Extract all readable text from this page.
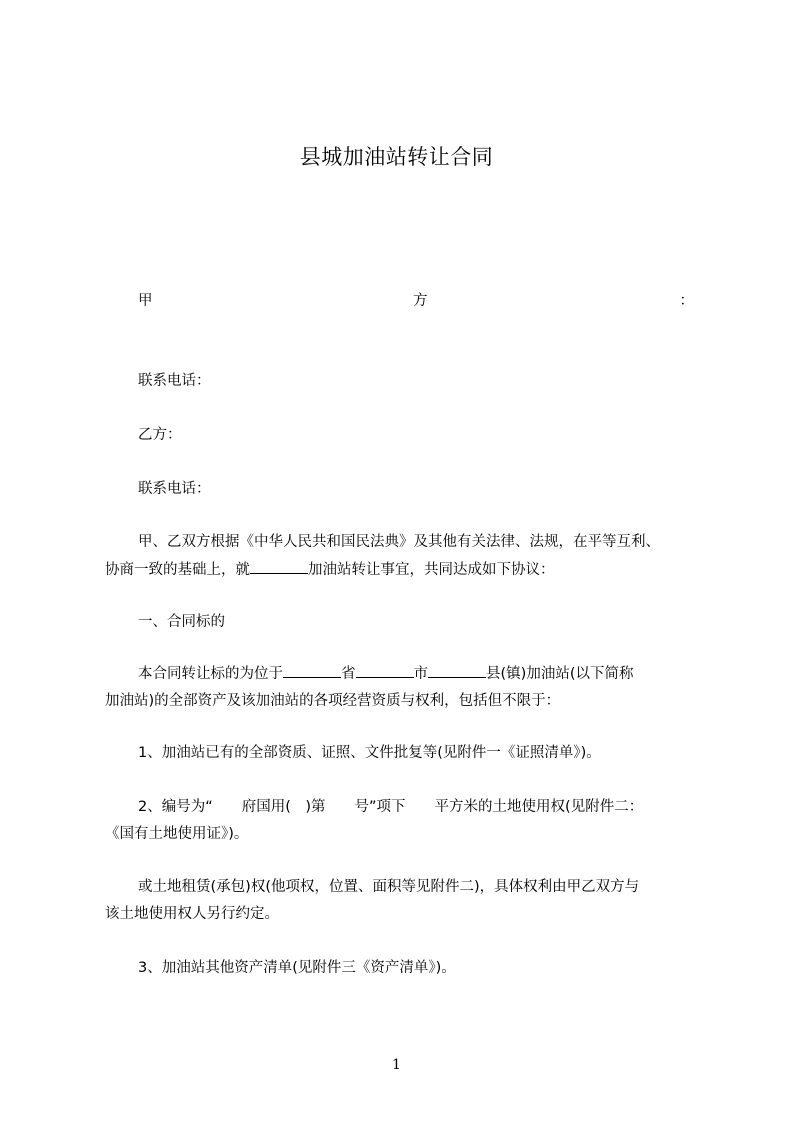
县城加油站转让合同
甲	方	：
联系电话：
乙方：
联系电话：
甲、乙双方根据《中华人民共和国民法典》及其他有关法律、法规，在平等互利、
协商一致的基础上，就	加油站转让事宜，共同达成如下协议：
一、合同标的
本合同转让标的为位于	省	市	县(镇)加油站(以下简称
加油站)的全部资产及该加油站的各项经营资质与权利，包括但不限于：
1、加油站已有的全部资质、证照、文件批复等(见附件一《证照清单》)。
2、编号为“　　府国用(　)第　　号”项下　　平方米的土地使用权(见附件二：
《国有土地使用证》)。
或土地租赁(承包)权(他项权，位置、面积等见附件二)，具体权利由甲乙双方与
该土地使用权人另行约定。
3、加油站其他资产清单(见附件三《资产清单》)。
1
